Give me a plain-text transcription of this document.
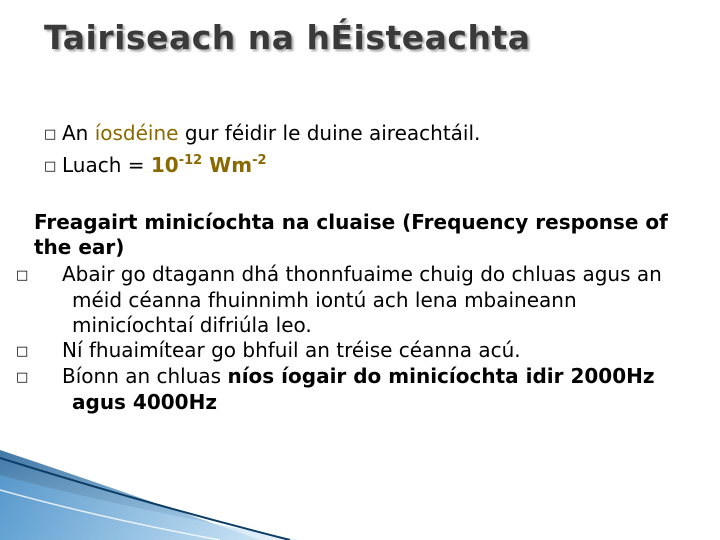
Tairiseach na hÉisteachta
□ An íosdéine gur féidir le duine aireachtáil.
□ Luach = $10^{-12}$ $Wm^{-2}$
Freagairt minicíochta na cluaise (Frequency response of the ear)
□ Abair go dtagann dhá thonnfuaime chuig do chluas agus an méid céanna fhuinnimh iontú ach lena mbaineann minicíochtaí difriúla leo.
□ Ní fhuaimítear go bhfuil an tréise céanna acú.
□ Bíonn an chluas níos íogair do minicíochta idir 2000Hz agus 4000Hz
